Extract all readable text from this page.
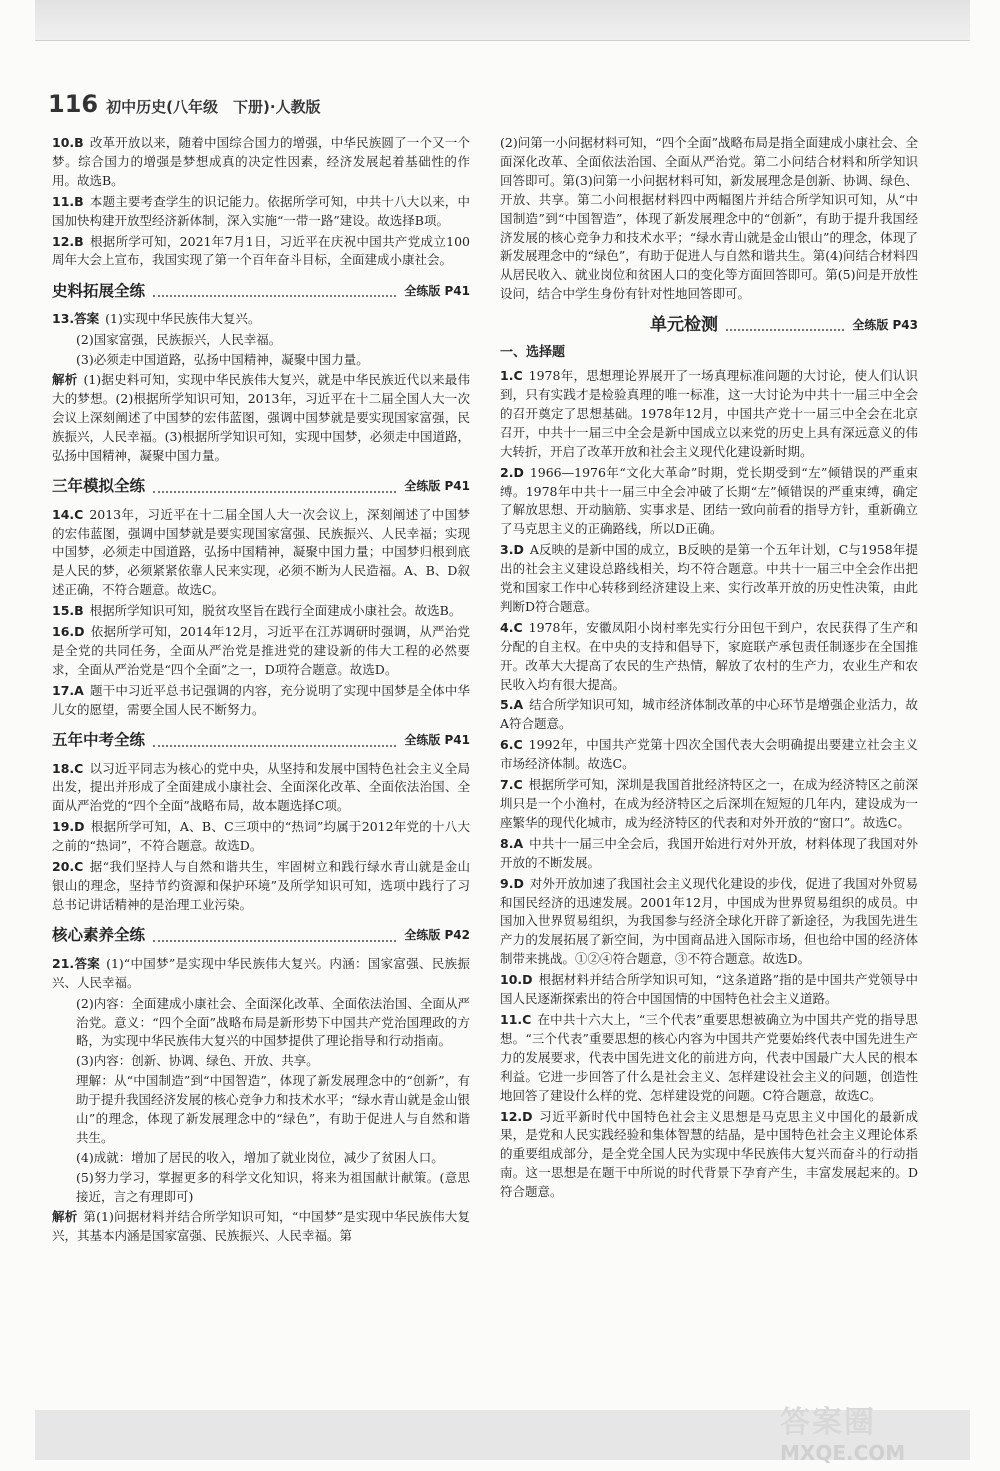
116 初中历史(八年级　下册)·人教版
10.B 改革开放以来，随着中国综合国力的增强，中华民族圆了一个又一个梦。综合国力的增强是梦想成真的决定性因素，经济发展起着基础性的作用。故选B。
11.B 本题主要考查学生的识记能力。依据所学可知，中共十八大以来，中国加快构建开放型经济新体制，深入实施“一带一路”建设。故选择B项。
12.B 根据所学可知，2021年7月1日，习近平在庆祝中国共产党成立100周年大会上宣布，我国实现了第一个百年奋斗目标，全面建成小康社会。
史料拓展全练	全练版 P41
13.答案 (1)实现中华民族伟大复兴。
(2)国家富强，民族振兴，人民幸福。
(3)必须走中国道路，弘扬中国精神，凝聚中国力量。
解析 (1)据史料可知，实现中华民族伟大复兴，就是中华民族近代以来最伟大的梦想。(2)根据所学知识可知，2013年，习近平在十二届全国人大一次会议上深刻阐述了中国梦的宏伟蓝图，强调中国梦就是要实现国家富强，民族振兴，人民幸福。(3)根据所学知识可知，实现中国梦，必须走中国道路，弘扬中国精神，凝聚中国力量。
三年模拟全练	全练版 P41
14.C 2013年，习近平在十二届全国人大一次会议上，深刻阐述了中国梦的宏伟蓝图，强调中国梦就是要实现国家富强、民族振兴、人民幸福；实现中国梦，必须走中国道路，弘扬中国精神，凝聚中国力量；中国梦归根到底是人民的梦，必须紧紧依靠人民来实现，必须不断为人民造福。A、B、D叙述正确，不符合题意。故选C。
15.B 根据所学知识可知，脱贫攻坚旨在践行全面建成小康社会。故选B。
16.D 依据所学可知，2014年12月，习近平在江苏调研时强调，从严治党是全党的共同任务，全面从严治党是推进党的建设新的伟大工程的必然要求，全面从严治党是“四个全面”之一，D项符合题意。故选D。
17.A 题干中习近平总书记强调的内容，充分说明了实现中国梦是全体中华儿女的愿望，需要全国人民不断努力。
五年中考全练	全练版 P41
18.C 以习近平同志为核心的党中央，从坚持和发展中国特色社会主义全局出发，提出并形成了全面建成小康社会、全面深化改革、全面依法治国、全面从严治党的“四个全面”战略布局，故本题选择C项。
19.D 根据所学可知，A、B、C三项中的“热词”均属于2012年党的十八大之前的“热词”，不符合题意。故选D。
20.C 据“我们坚持人与自然和谐共生，牢固树立和践行绿水青山就是金山银山的理念，坚持节约资源和保护环境”及所学知识可知，选项中践行了习总书记讲话精神的是治理工业污染。
核心素养全练	全练版 P42
21.答案 (1)“中国梦”是实现中华民族伟大复兴。内涵：国家富强、民族振兴、人民幸福。
(2)内容：全面建成小康社会、全面深化改革、全面依法治国、全面从严治党。意义：“四个全面”战略布局是新形势下中国共产党治国理政的方略，为实现中华民族伟大复兴的中国梦提供了理论指导和行动指南。
(3)内容：创新、协调、绿色、开放、共享。
理解：从“中国制造”到“中国智造”，体现了新发展理念中的“创新”，有助于提升我国经济发展的核心竞争力和技术水平；“绿水青山就是金山银山”的理念，体现了新发展理念中的“绿色”，有助于促进人与自然和谐共生。
(4)成就：增加了居民的收入，增加了就业岗位，减少了贫困人口。
(5)努力学习，掌握更多的科学文化知识，将来为祖国献计献策。(意思接近，言之有理即可)
解析 第(1)问据材料并结合所学知识可知，“中国梦”是实现中华民族伟大复兴，其基本内涵是国家富强、民族振兴、人民幸福。第
(2)问第一小问据材料可知，“四个全面”战略布局是指全面建成小康社会、全面深化改革、全面依法治国、全面从严治党。第二小问结合材料和所学知识回答即可。第(3)问第一小问据材料可知，新发展理念是创新、协调、绿色、开放、共享。第二小问根据材料四中两幅图片并结合所学知识可知，从“中国制造”到“中国智造”，体现了新发展理念中的“创新”，有助于提升我国经济发展的核心竞争力和技术水平；“绿水青山就是金山银山”的理念，体现了新发展理念中的“绿色”，有助于促进人与自然和谐共生。第(4)问结合材料四从居民收入、就业岗位和贫困人口的变化等方面回答即可。第(5)问是开放性设问，结合中学生身份有针对性地回答即可。
单元检测	全练版 P43
一、选择题
1.C 1978年，思想理论界展开了一场真理标准问题的大讨论，使人们认识到，只有实践才是检验真理的唯一标准，这一大讨论为中共十一届三中全会的召开奠定了思想基础。1978年12月，中国共产党十一届三中全会在北京召开，中共十一届三中全会是新中国成立以来党的历史上具有深远意义的伟大转折，开启了改革开放和社会主义现代化建设新时期。
2.D 1966—1976年“文化大革命”时期，党长期受到“左”倾错误的严重束缚。1978年中共十一届三中全会冲破了长期“左”倾错误的严重束缚，确定了解放思想、开动脑筋、实事求是、团结一致向前看的指导方针，重新确立了马克思主义的正确路线，所以D正确。
3.D A反映的是新中国的成立，B反映的是第一个五年计划，C与1958年提出的社会主义建设总路线相关，均不符合题意。中共十一届三中全会作出把党和国家工作中心转移到经济建设上来、实行改革开放的历史性决策，由此判断D符合题意。
4.C 1978年，安徽凤阳小岗村率先实行分田包干到户，农民获得了生产和分配的自主权。在中央的支持和倡导下，家庭联产承包责任制逐步在全国推开。改革大大提高了农民的生产热情，解放了农村的生产力，农业生产和农民收入均有很大提高。
5.A 结合所学知识可知，城市经济体制改革的中心环节是增强企业活力，故A符合题意。
6.C 1992年，中国共产党第十四次全国代表大会明确提出要建立社会主义市场经济体制。故选C。
7.C 根据所学可知，深圳是我国首批经济特区之一，在成为经济特区之前深圳只是一个小渔村，在成为经济特区之后深圳在短短的几年内，建设成为一座繁华的现代化城市，成为经济特区的代表和对外开放的“窗口”。故选C。
8.A 中共十一届三中全会后，我国开始进行对外开放，材料体现了我国对外开放的不断发展。
9.D 对外开放加速了我国社会主义现代化建设的步伐，促进了我国对外贸易和国民经济的迅速发展。2001年12月，中国成为世界贸易组织的成员。中国加入世界贸易组织，为我国参与经济全球化开辟了新途径，为我国先进生产力的发展拓展了新空间，为中国商品进入国际市场，但也给中国的经济体制带来挑战。①②④符合题意，③不符合题意。故选D。
10.D 根据材料并结合所学知识可知，“这条道路”指的是中国共产党领导中国人民逐渐探索出的符合中国国情的中国特色社会主义道路。
11.C 在中共十六大上，“三个代表”重要思想被确立为中国共产党的指导思想。“三个代表”重要思想的核心内容为中国共产党要始终代表中国先进生产力的发展要求，代表中国先进文化的前进方向，代表中国最广大人民的根本利益。它进一步回答了什么是社会主义、怎样建设社会主义的问题，创造性地回答了建设什么样的党、怎样建设党的问题。C符合题意，故选C。
12.D 习近平新时代中国特色社会主义思想是马克思主义中国化的最新成果，是党和人民实践经验和集体智慧的结晶，是中国特色社会主义理论体系的重要组成部分，是全党全国人民为实现中华民族伟大复兴而奋斗的行动指南。这一思想是在题干中所说的时代背景下孕育产生，丰富发展起来的。D符合题意。
答案圈
MXQE.COM
